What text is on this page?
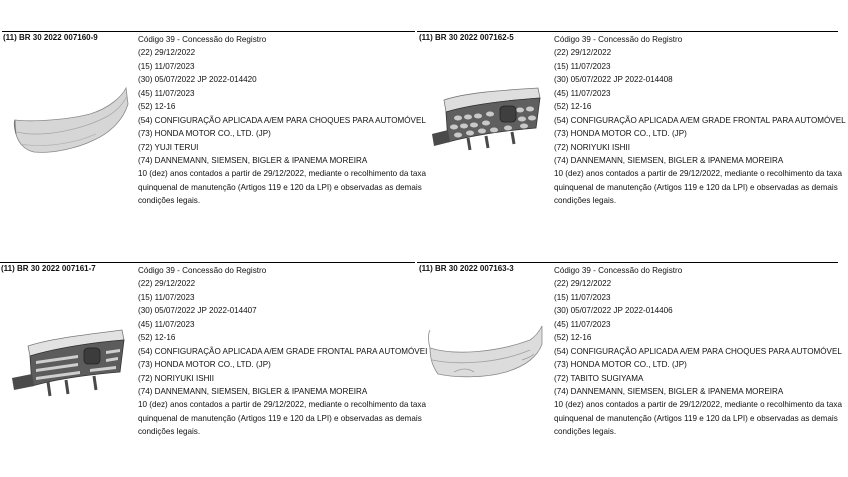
(11) BR 30 2022 007160-9	Código 39 - Concessão do Registro
(22) 29/12/2022
(15) 11/07/2023
(30) 05/07/2022 JP 2022-014420
(45) 11/07/2023
(52) 12-16
(54) CONFIGURAÇÃO APLICADA A/EM PARA CHOQUES PARA AUTOMÓVEL
(73) HONDA MOTOR CO., LTD. (JP)
(72) YUJI TERUI
(74) DANNEMANN, SIEMSEN, BIGLER & IPANEMA MOREIRA
10 (dez) anos contados a partir de 29/12/2022, mediante o recolhimento da taxa
quinquenal de manutenção (Artigos 119 e 120 da LPI) e observadas as demais
condições legais.
(11) BR 30 2022 007162-5	Código 39 - Concessão do Registro
(22) 29/12/2022
(15) 11/07/2023
(30) 05/07/2022 JP 2022-014408
(45) 11/07/2023
(52) 12-16
(54) CONFIGURAÇÃO APLICADA A/EM GRADE FRONTAL PARA AUTOMÓVEL
(73) HONDA MOTOR CO., LTD. (JP)
(72) NORIYUKI ISHII
(74) DANNEMANN, SIEMSEN, BIGLER & IPANEMA MOREIRA
10 (dez) anos contados a partir de 29/12/2022, mediante o recolhimento da taxa
quinquenal de manutenção (Artigos 119 e 120 da LPI) e observadas as demais
condições legais.
(11) BR 30 2022 007161-7	Código 39 - Concessão do Registro
(22) 29/12/2022
(15) 11/07/2023
(30) 05/07/2022 JP 2022-014407
(45) 11/07/2023
(52) 12-16
(54) CONFIGURAÇÃO APLICADA A/EM GRADE FRONTAL PARA AUTOMÓVEI
(73) HONDA MOTOR CO., LTD. (JP)
(72) NORIYUKI ISHII
(74) DANNEMANN, SIEMSEN, BIGLER & IPANEMA MOREIRA
10 (dez) anos contados a partir de 29/12/2022, mediante o recolhimento da taxa
quinquenal de manutenção (Artigos 119 e 120 da LPI) e observadas as demais
condições legais.
(11) BR 30 2022 007163-3	Código 39 - Concessão do Registro
(22) 29/12/2022
(15) 11/07/2023
(30) 05/07/2022 JP 2022-014406
(45) 11/07/2023
(52) 12-16
(54) CONFIGURAÇÃO APLICADA A/EM PARA CHOQUES PARA AUTOMÓVEL
(73) HONDA MOTOR CO., LTD. (JP)
(72) TABITO SUGIYAMA
(74) DANNEMANN, SIEMSEN, BIGLER & IPANEMA MOREIRA
10 (dez) anos contados a partir de 29/12/2022, mediante o recolhimento da taxa
quinquenal de manutenção (Artigos 119 e 120 da LPI) e observadas as demais
condições legais.
